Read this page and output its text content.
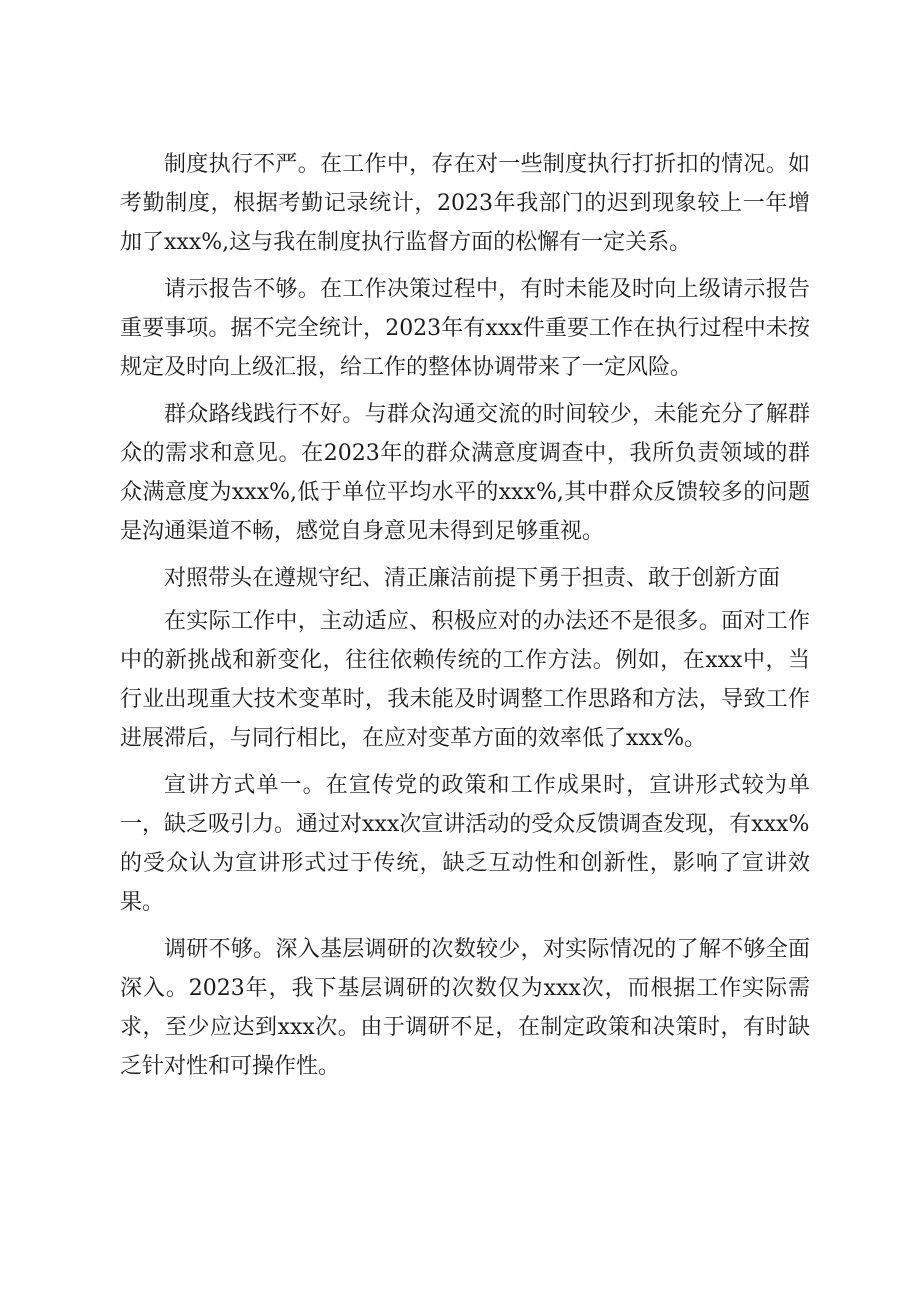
制度执行不严。在工作中，存在对一些制度执行打折扣的情况。如考勤制度，根据考勤记录统计，2023年我部门的迟到现象较上一年增加了xxx%,这与我在制度执行监督方面的松懈有一定关系。

请示报告不够。在工作决策过程中，有时未能及时向上级请示报告重要事项。据不完全统计，2023年有xxx件重要工作在执行过程中未按规定及时向上级汇报，给工作的整体协调带来了一定风险。

群众路线践行不好。与群众沟通交流的时间较少，未能充分了解群众的需求和意见。在2023年的群众满意度调查中，我所负责领域的群众满意度为xxx%,低于单位平均水平的xxx%,其中群众反馈较多的问题是沟通渠道不畅，感觉自身意见未得到足够重视。

对照带头在遵规守纪、清正廉洁前提下勇于担责、敢于创新方面

在实际工作中，主动适应、积极应对的办法还不是很多。面对工作中的新挑战和新变化，往往依赖传统的工作方法。例如，在xxx中，当行业出现重大技术变革时，我未能及时调整工作思路和方法，导致工作进展滞后，与同行相比，在应对变革方面的效率低了xxx%。

宣讲方式单一。在宣传党的政策和工作成果时，宣讲形式较为单一，缺乏吸引力。通过对xxx次宣讲活动的受众反馈调查发现，有xxx%
的受众认为宣讲形式过于传统，缺乏互动性和创新性，影响了宣讲效果。

调研不够。深入基层调研的次数较少，对实际情况的了解不够全面深入。2023年，我下基层调研的次数仅为xxx次，而根据工作实际需求，至少应达到xxx次。由于调研不足，在制定政策和决策时，有时缺乏针对性和可操作性。
